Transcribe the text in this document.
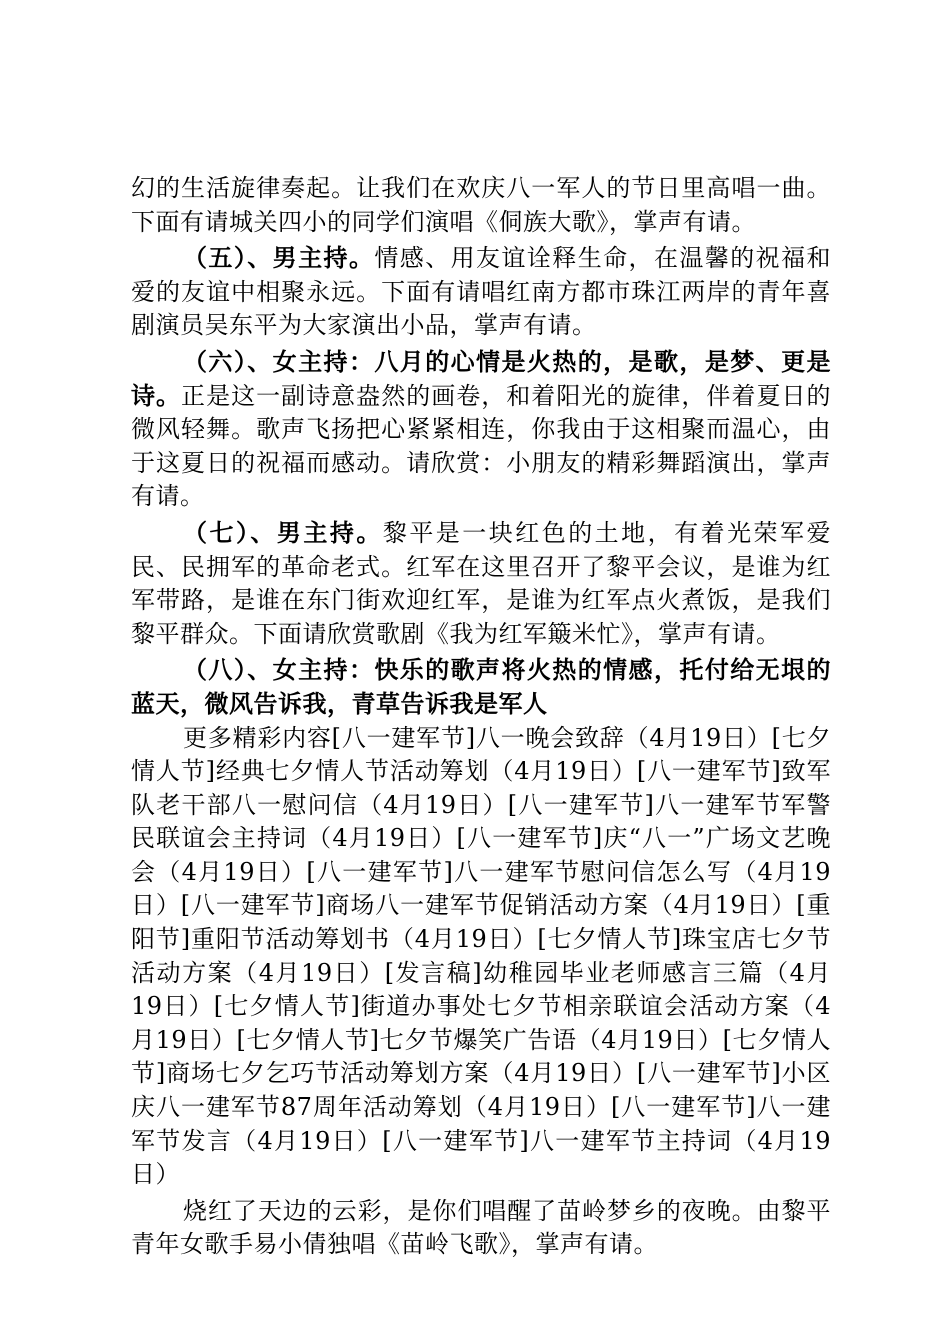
幻的生活旋律奏起。让我们在欢庆八一军人的节日里高唱一曲。下面有请城关四小的同学们演唱《侗族大歌》，掌声有请。

（五）、男主持。情感、用友谊诠释生命，在温馨的祝福和爱的友谊中相聚永远。下面有请唱红南方都市珠江两岸的青年喜剧演员吴东平为大家演出小品，掌声有请。

（六）、女主持：八月的心情是火热的，是歌，是梦、更是诗。正是这一副诗意盎然的画卷，和着阳光的旋律，伴着夏日的微风轻舞。歌声飞扬把心紧紧相连，你我由于这相聚而温心，由于这夏日的祝福而感动。请欣赏：小朋友的精彩舞蹈演出，掌声有请。

（七）、男主持。黎平是一块红色的土地，有着光荣军爱民、民拥军的革命老式。红军在这里召开了黎平会议，是谁为红军带路，是谁在东门街欢迎红军，是谁为红军点火煮饭，是我们黎平群众。下面请欣赏歌剧《我为红军簸米忙》，掌声有请。

（八）、女主持：快乐的歌声将火热的情感，托付给无垠的蓝天，微风告诉我，青草告诉我是军人

更多精彩内容[八一建军节]八一晚会致辞（4月19日）[七夕情人节]经典七夕情人节活动筹划（4月19日）[八一建军节]致军队老干部八一慰问信（4月19日）[八一建军节]八一建军节军警民联谊会主持词（4月19日）[八一建军节]庆“八一”广场文艺晚会（4月19日）[八一建军节]八一建军节慰问信怎么写（4月19日）[八一建军节]商场八一建军节促销活动方案（4月19日）[重阳节]重阳节活动筹划书（4月19日）[七夕情人节]珠宝店七夕节活动方案（4月19日）[发言稿]幼稚园毕业老师感言三篇（4月19日）[七夕情人节]街道办事处七夕节相亲联谊会活动方案（4月19日）[七夕情人节]七夕节爆笑广告语（4月19日）[七夕情人节]商场七夕乞巧节活动筹划方案（4月19日）[八一建军节]小区庆八一建军节87周年活动筹划（4月19日）[八一建军节]八一建军节发言（4月19日）[八一建军节]八一建军节主持词（4月19日）

烧红了天边的云彩，是你们唱醒了苗岭梦乡的夜晚。由黎平青年女歌手易小倩独唱《苗岭飞歌》，掌声有请。
